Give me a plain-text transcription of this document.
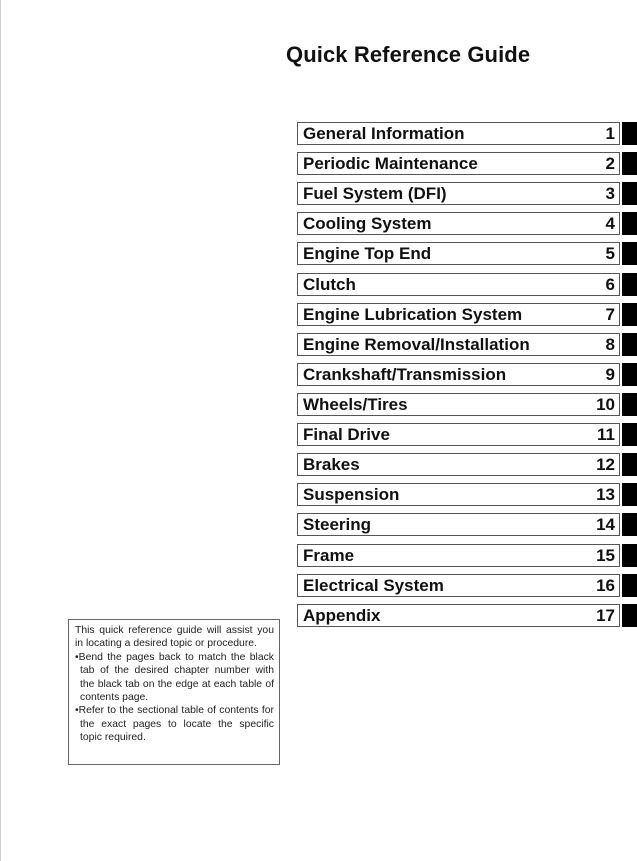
Quick Reference Guide
General Information	1
Periodic Maintenance	2
Fuel System (DFI)	3
Cooling System	4
Engine Top End	5
Clutch	6
Engine Lubrication System	7
Engine Removal/Installation	8
Crankshaft/Transmission	9
Wheels/Tires	10
Final Drive	11
Brakes	12
Suspension	13
Steering	14
Frame	15
Electrical System	16
Appendix	17

This quick reference guide will assist you in locating a desired topic or procedure.

•Bend the pages back to match the black tab of the desired chapter number with the black tab on the edge at each table of contents page.

•Refer to the sectional table of contents for the exact pages to locate the specific topic required.
